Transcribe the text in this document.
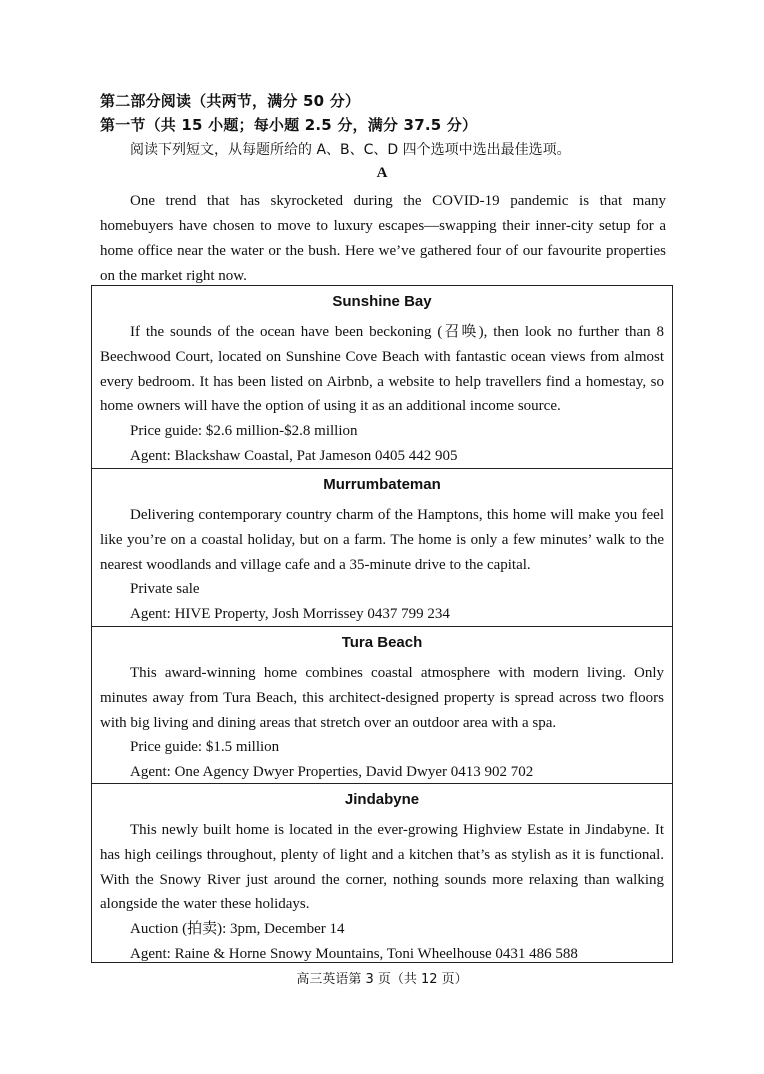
第二部分阅读（共两节，满分 50 分）
第一节（共 15 小题；每小题 2.5 分，满分 37.5 分）
阅读下列短文，从每题所给的 A、B、C、D 四个选项中选出最佳选项。
A

One trend that has skyrocketed during the COVID-19 pandemic is that many homebuyers have chosen to move to luxury escapes—swapping their inner-city setup for a home office near the water or the bush. Here we’ve gathered four of our favourite properties on the market right now.

Sunshine Bay

If the sounds of the ocean have been beckoning (召唤), then look no further than 8 Beechwood Court, located on Sunshine Cove Beach with fantastic ocean views from almost every bedroom. It has been listed on Airbnb, a website to help travellers find a homestay, so home owners will have the option of using it as an additional income source.

Price guide: $2.6 million-$2.8 million

Agent: Blackshaw Coastal, Pat Jameson 0405 442 905

Murrumbateman

Delivering contemporary country charm of the Hamptons, this home will make you feel like you’re on a coastal holiday, but on a farm. The home is only a few minutes’ walk to the nearest woodlands and village cafe and a 35-minute drive to the capital.

Private sale

Agent: HIVE Property, Josh Morrissey 0437 799 234

Tura Beach

This award-winning home combines coastal atmosphere with modern living. Only minutes away from Tura Beach, this architect-designed property is spread across two floors with big living and dining areas that stretch over an outdoor area with a spa.

Price guide: $1.5 million

Agent: One Agency Dwyer Properties, David Dwyer 0413 902 702

Jindabyne

This newly built home is located in the ever-growing Highview Estate in Jindabyne. It has high ceilings throughout, plenty of light and a kitchen that’s as stylish as it is functional. With the Snowy River just around the corner, nothing sounds more relaxing than walking alongside the water these holidays.

Auction (拍卖): 3pm, December 14

Agent: Raine & Horne Snowy Mountains, Toni Wheelhouse 0431 486 588

高三英语第 3 页（共 12 页）
